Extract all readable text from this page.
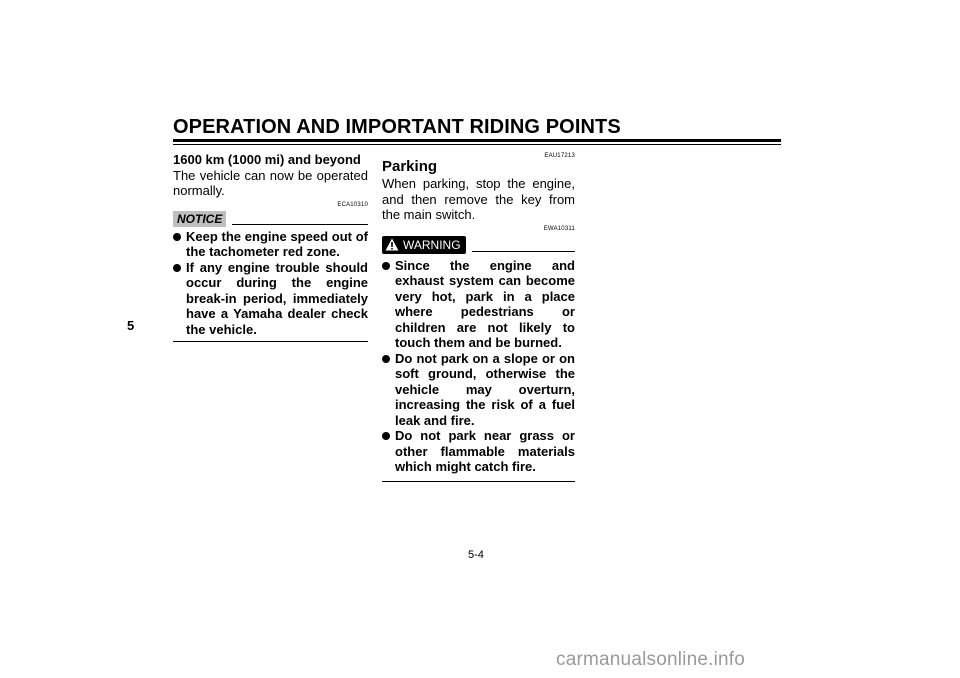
OPERATION AND IMPORTANT RIDING POINTS
5
1600 km (1000 mi) and beyond
The vehicle can now be operated normally.
ECA10310
NOTICE
Keep the engine speed out of the tachometer red zone.
If any engine trouble should occur during the engine break-in period, immediately have a Yamaha dealer check the vehicle.
EAU17213
Parking
When parking, stop the engine, and then remove the key from the main switch.
EWA10311
WARNING
Since the engine and exhaust system can become very hot, park in a place where pedestrians or children are not likely to touch them and be burned.
Do not park on a slope or on soft ground, otherwise the vehicle may overturn, increasing the risk of a fuel leak and fire.
Do not park near grass or other flammable materials which might catch fire.
5-4
carmanualsonline.info
